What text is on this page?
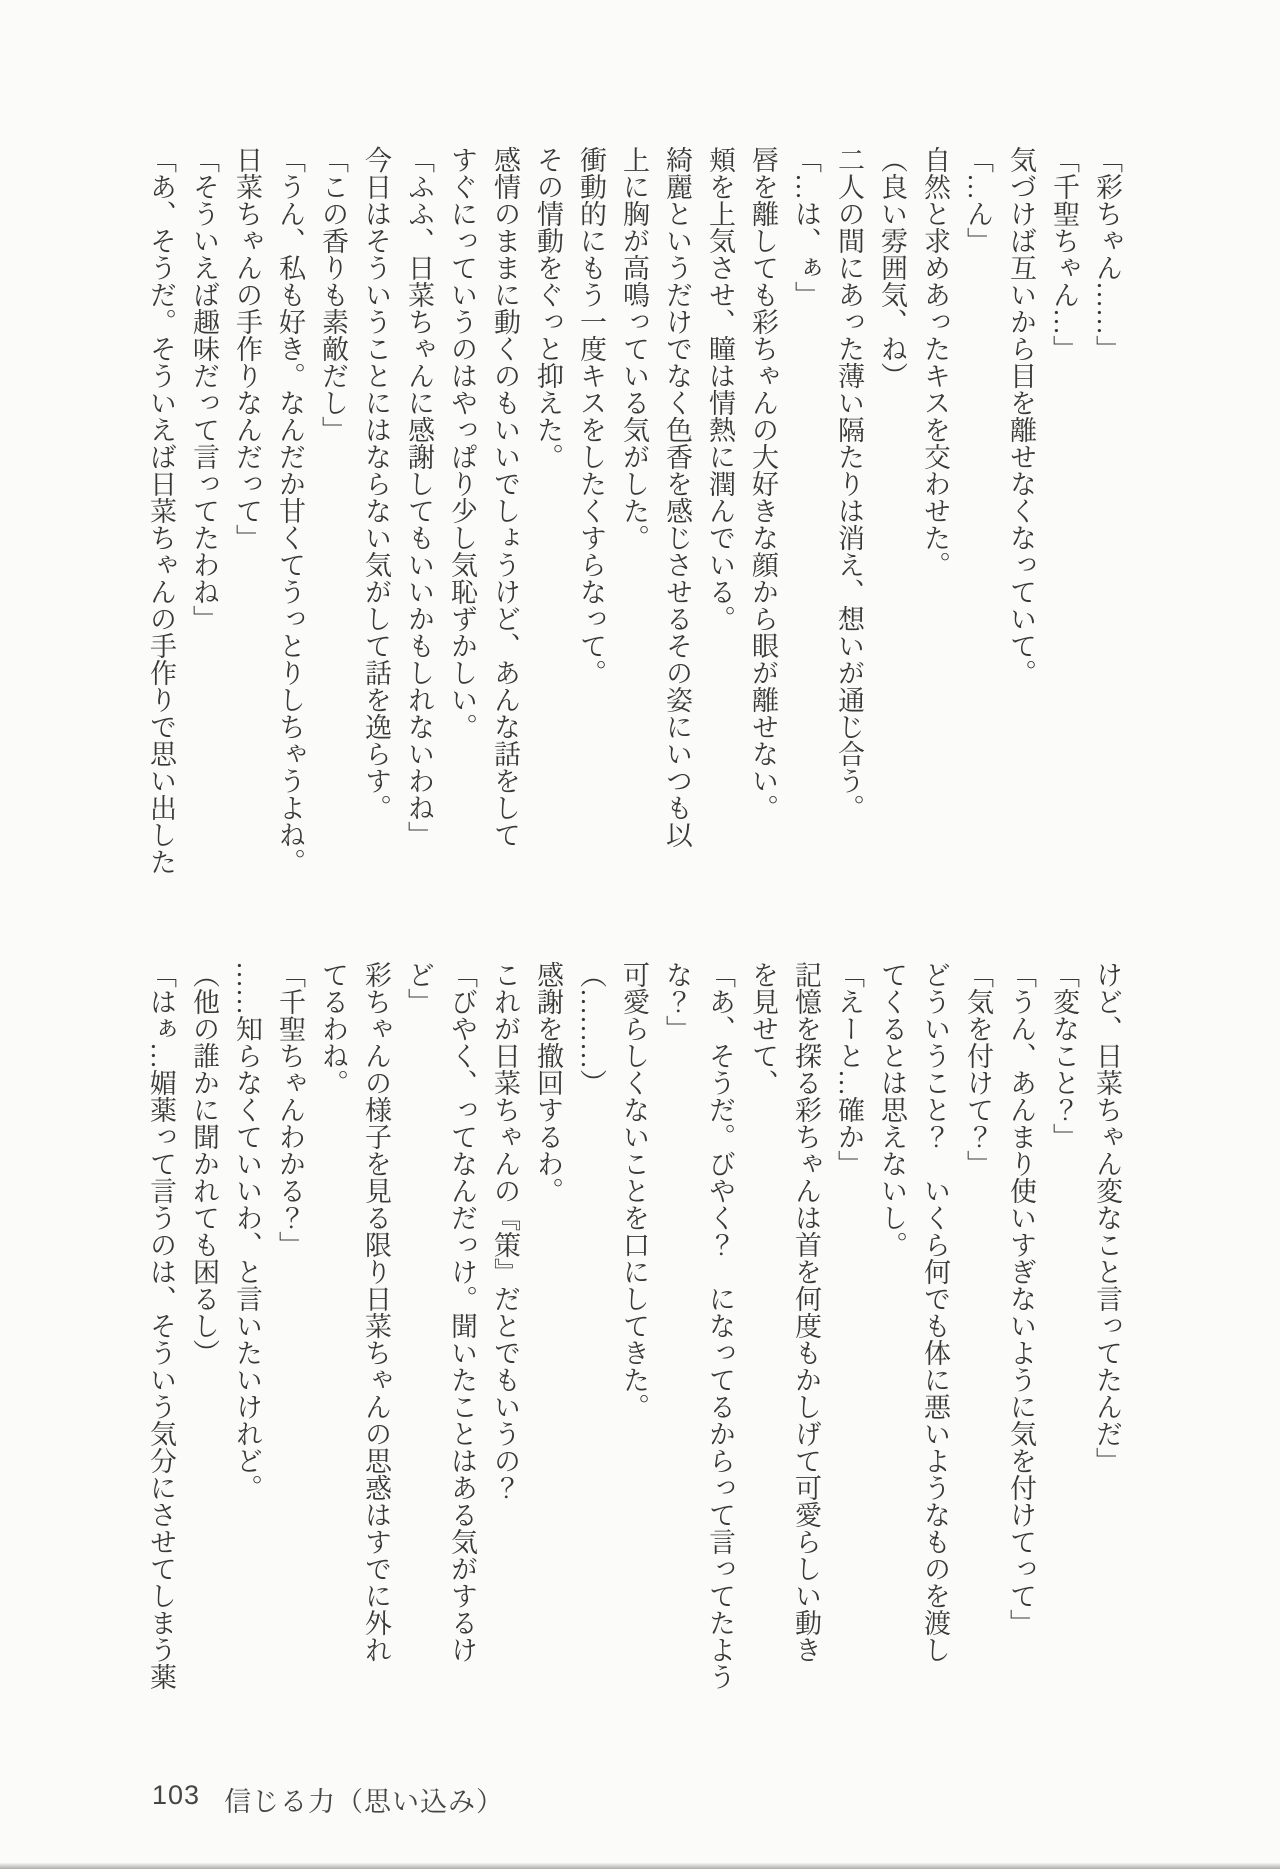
「彩ちゃん……」

「千聖ちゃん…」

気づけば互いから目を離せなくなっていて。

「…ん」

自然と求めあったキスを交わせた。

（良い雰囲気、ね）

二人の間にあった薄い隔たりは消え、想いが通じ合う。

「…は、ぁ」

唇を離しても彩ちゃんの大好きな顔から眼が離せない。

頬を上気させ、瞳は情熱に潤んでいる。

綺麗というだけでなく色香を感じさせるその姿にいつも以

上に胸が高鳴っている気がした。

衝動的にもう一度キスをしたくすらなって。

その情動をぐっと抑えた。

感情のままに動くのもいいでしょうけど、あんな話をして

すぐにっていうのはやっぱり少し気恥ずかしい。

「ふふ、日菜ちゃんに感謝してもいいかもしれないわね」

今日はそういうことにはならない気がして話を逸らす。

「この香りも素敵だし」

「うん、私も好き。なんだか甘くてうっとりしちゃうよね。

日菜ちゃんの手作りなんだって」

「そういえば趣味だって言ってたわね」

「あ、そうだ。そういえば日菜ちゃんの手作りで思い出した

けど、日菜ちゃん変なこと言ってたんだ」

「変なこと？」

「うん、あんまり使いすぎないように気を付けてって」

「気を付けて？」

どういうこと？　いくら何でも体に悪いようなものを渡し

てくるとは思えないし。

「えーと…確か」

記憶を探る彩ちゃんは首を何度もかしげて可愛らしい動き

を見せて、

「あ、そうだ。びやく？　になってるからって言ってたよう

な？」

可愛らしくないことを口にしてきた。

（………）

感謝を撤回するわ。

これが日菜ちゃんの『策』だとでもいうの？

「びやく、ってなんだっけ。聞いたことはある気がするけ

ど」

彩ちゃんの様子を見る限り日菜ちゃんの思惑はすでに外れ

てるわね。

「千聖ちゃんわかる？」

……知らなくていいわ、と言いたいけれど。

（他の誰かに聞かれても困るし）

「はぁ…媚薬って言うのは、そういう気分にさせてしまう薬

103 信じる力（思い込み）
